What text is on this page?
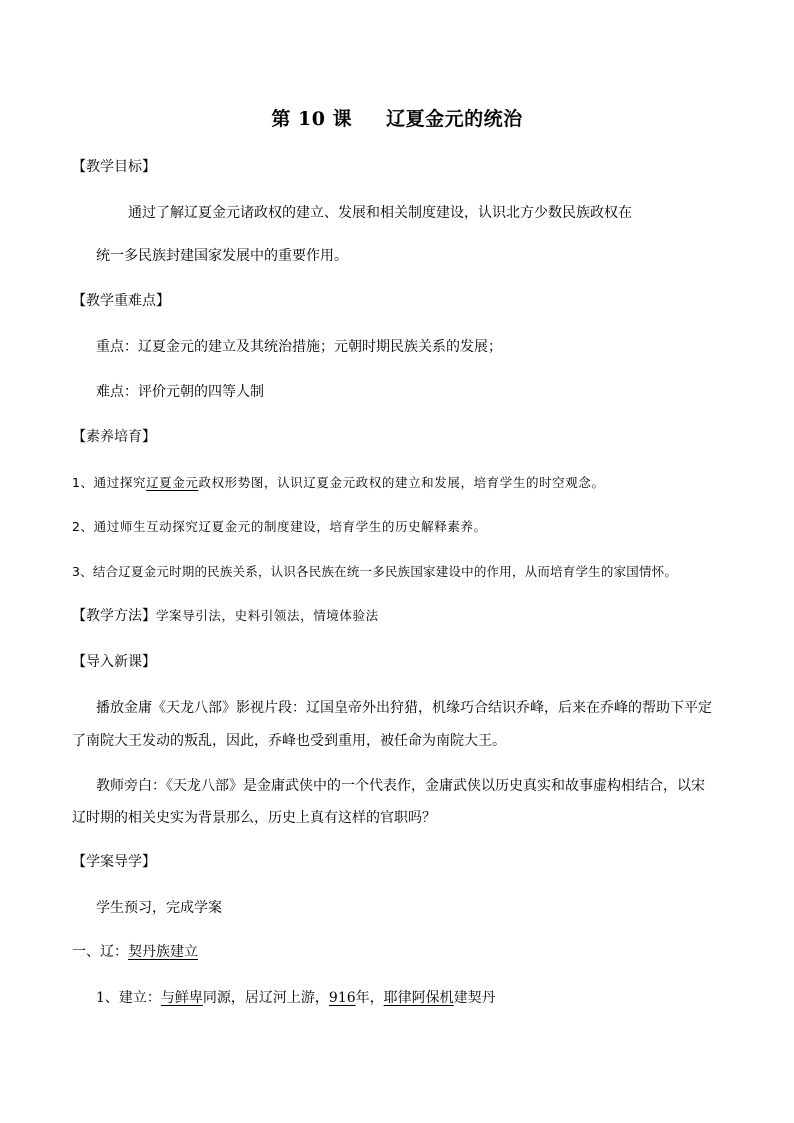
第 10 课 辽夏金元的统治
【教学目标】
通过了解辽夏金元诸政权的建立、发展和相关制度建设，认识北方少数民族政权在
统一多民族封建国家发展中的重要作用。
【教学重难点】
重点：辽夏金元的建立及其统治措施；元朝时期民族关系的发展；
难点：评价元朝的四等人制
【素养培育】
1、通过探究辽夏金元政权形势图，认识辽夏金元政权的建立和发展，培育学生的时空观念。
2、通过师生互动探究辽夏金元的制度建设，培育学生的历史解释素养。
3、结合辽夏金元时期的民族关系，认识各民族在统一多民族国家建设中的作用，从而培育学生的家国情怀。
【教学方法】学案导引法，史料引领法，情境体验法
【导入新课】
播放金庸《天龙八部》影视片段：辽国皇帝外出狩猎，机缘巧合结识乔峰，后来在乔峰的帮助下平定
了南院大王发动的叛乱，因此，乔峰也受到重用，被任命为南院大王。
教师旁白：《天龙八部》是金庸武侠中的一个代表作，金庸武侠以历史真实和故事虚构相结合，以宋
辽时期的相关史实为背景那么，历史上真有这样的官职吗？
【学案导学】
学生预习，完成学案
一、辽：契丹族建立
1、建立：与鲜卑同源，居辽河上游，916年，耶律阿保机建契丹
